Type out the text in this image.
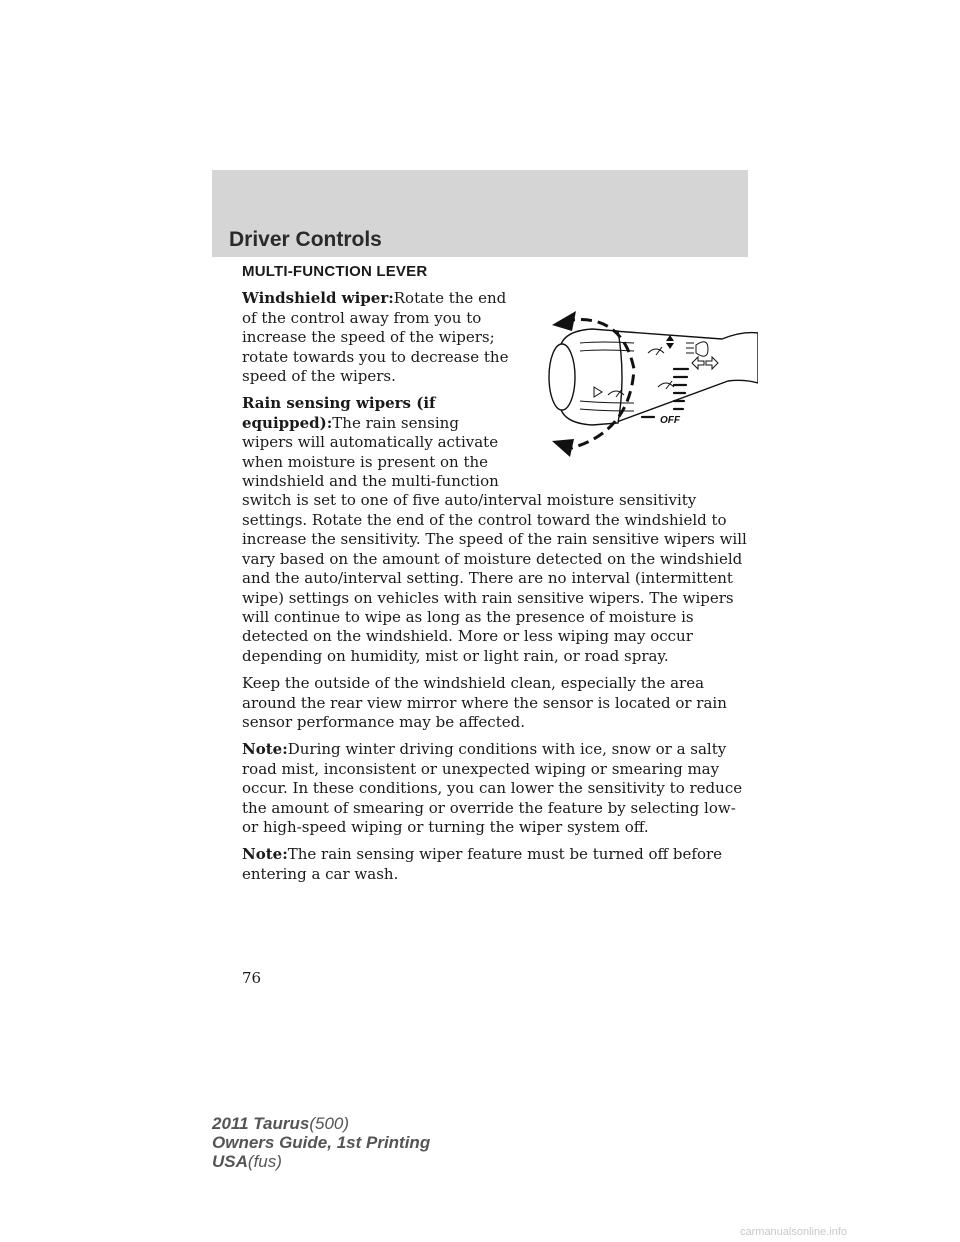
Driver Controls
MULTI-FUNCTION LEVER
OFF

Windshield wiper:Rotate the end of the control away from you to increase the speed of the wipers; rotate towards you to decrease the speed of the wipers.

Rain sensing wipers (if equipped):The rain sensing wipers will automatically activate when moisture is present on the windshield and the multi-function switch is set to one of five auto/interval moisture sensitivity settings. Rotate the end of the control toward the windshield to increase the sensitivity. The speed of the rain sensitive wipers will vary based on the amount of moisture detected on the windshield and the auto/interval setting. There are no interval (intermittent wipe) settings on vehicles with rain sensitive wipers. The wipers will continue to wipe as long as the presence of moisture is detected on the windshield. More or less wiping may occur depending on humidity, mist or light rain, or road spray.

Keep the outside of the windshield clean, especially the area around the rear view mirror where the sensor is located or rain sensor performance may be affected.

Note:During winter driving conditions with ice, snow or a salty road mist, inconsistent or unexpected wiping or smearing may occur. In these conditions, you can lower the sensitivity to reduce the amount of smearing or override the feature by selecting low- or high-speed wiping or turning the wiper system off.

Note:The rain sensing wiper feature must be turned off before entering a car wash.

76
2011 Taurus(500)
Owners Guide, 1st Printing
USA(fus)
carmanualsonline.info
